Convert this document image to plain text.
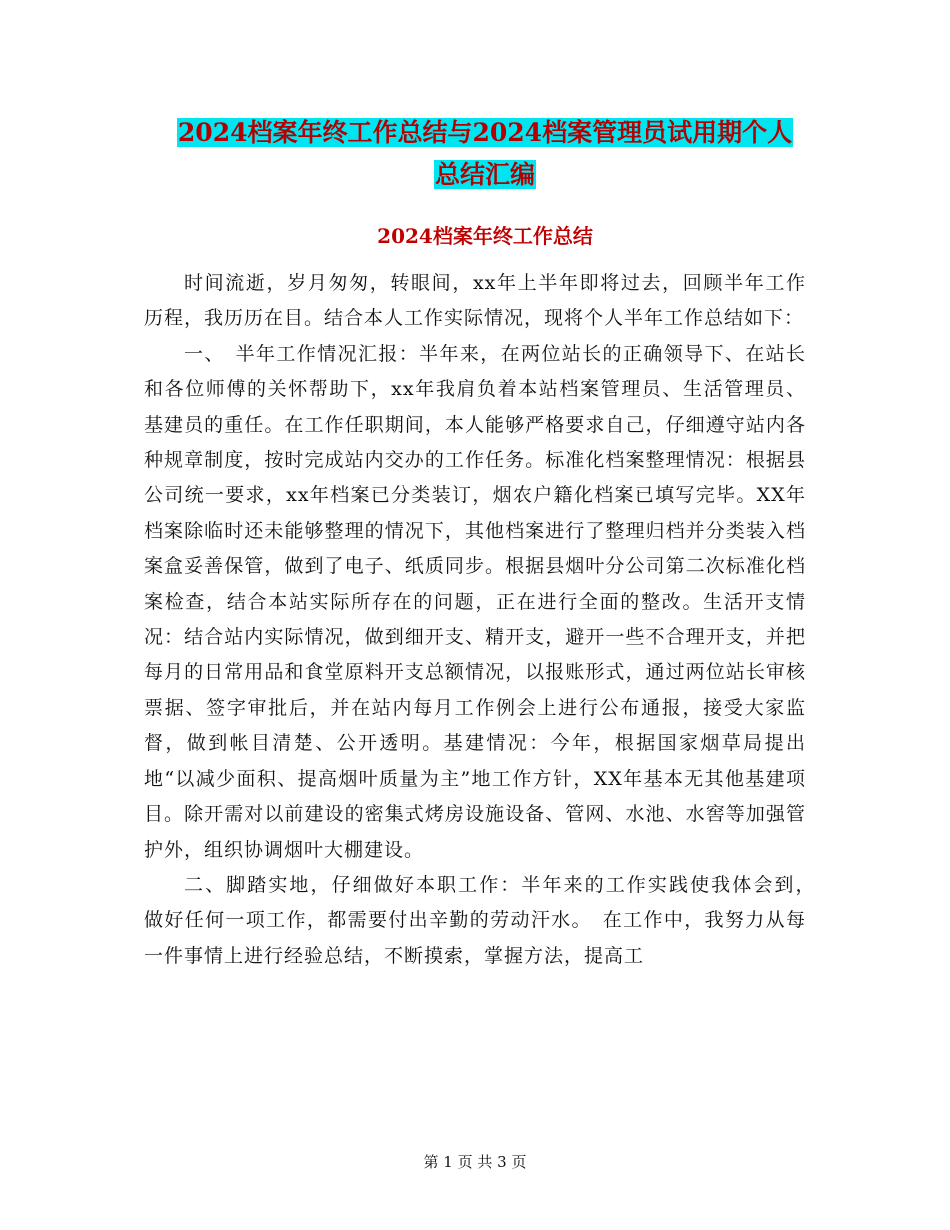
2024档案年终工作总结与2024档案管理员试用期个人
总结汇编
2024档案年终工作总结

时间流逝，岁月匆匆，转眼间，xx年上半年即将过去，回顾半年工作历程，我历历在目。结合本人工作实际情况，现将个人半年工作总结如下：

一、　半年工作情况汇报：半年来，在两位站长的正确领导下、在站长和各位师傅的关怀帮助下，xx年我肩负着本站档案管理员、生活管理员、基建员的重任。在工作任职期间，本人能够严格要求自己，仔细遵守站内各种规章制度，按时完成站内交办的工作任务。标准化档案整理情况：根据县公司统一要求，xx年档案已分类装订，烟农户籍化档案已填写完毕。XX年档案除临时还未能够整理的情况下，其他档案进行了整理归档并分类装入档案盒妥善保管，做到了电子、纸质同步。根据县烟叶分公司第二次标准化档案检查，结合本站实际所存在的问题，正在进行全面的整改。生活开支情况：结合站内实际情况，做到细开支、精开支，避开一些不合理开支，并把每月的日常用品和食堂原料开支总额情况，以报账形式，通过两位站长审核票据、签字审批后，并在站内每月工作例会上进行公布通报，接受大家监督，做到帐目清楚、公开透明。基建情况：今年，根据国家烟草局提出地“以减少面积、提高烟叶质量为主”地工作方针，XX年基本无其他基建项目。除开需对以前建设的密集式烤房设施设备、管网、水池、水窖等加强管护外，组织协调烟叶大棚建设。

二、脚踏实地，仔细做好本职工作：半年来的工作实践使我体会到，　做好任何一项工作，都需要付出辛勤的劳动汗水。　在工作中，我努力从每一件事情上进行经验总结，不断摸索，掌握方法，提高工

第 1 页 共 3 页
